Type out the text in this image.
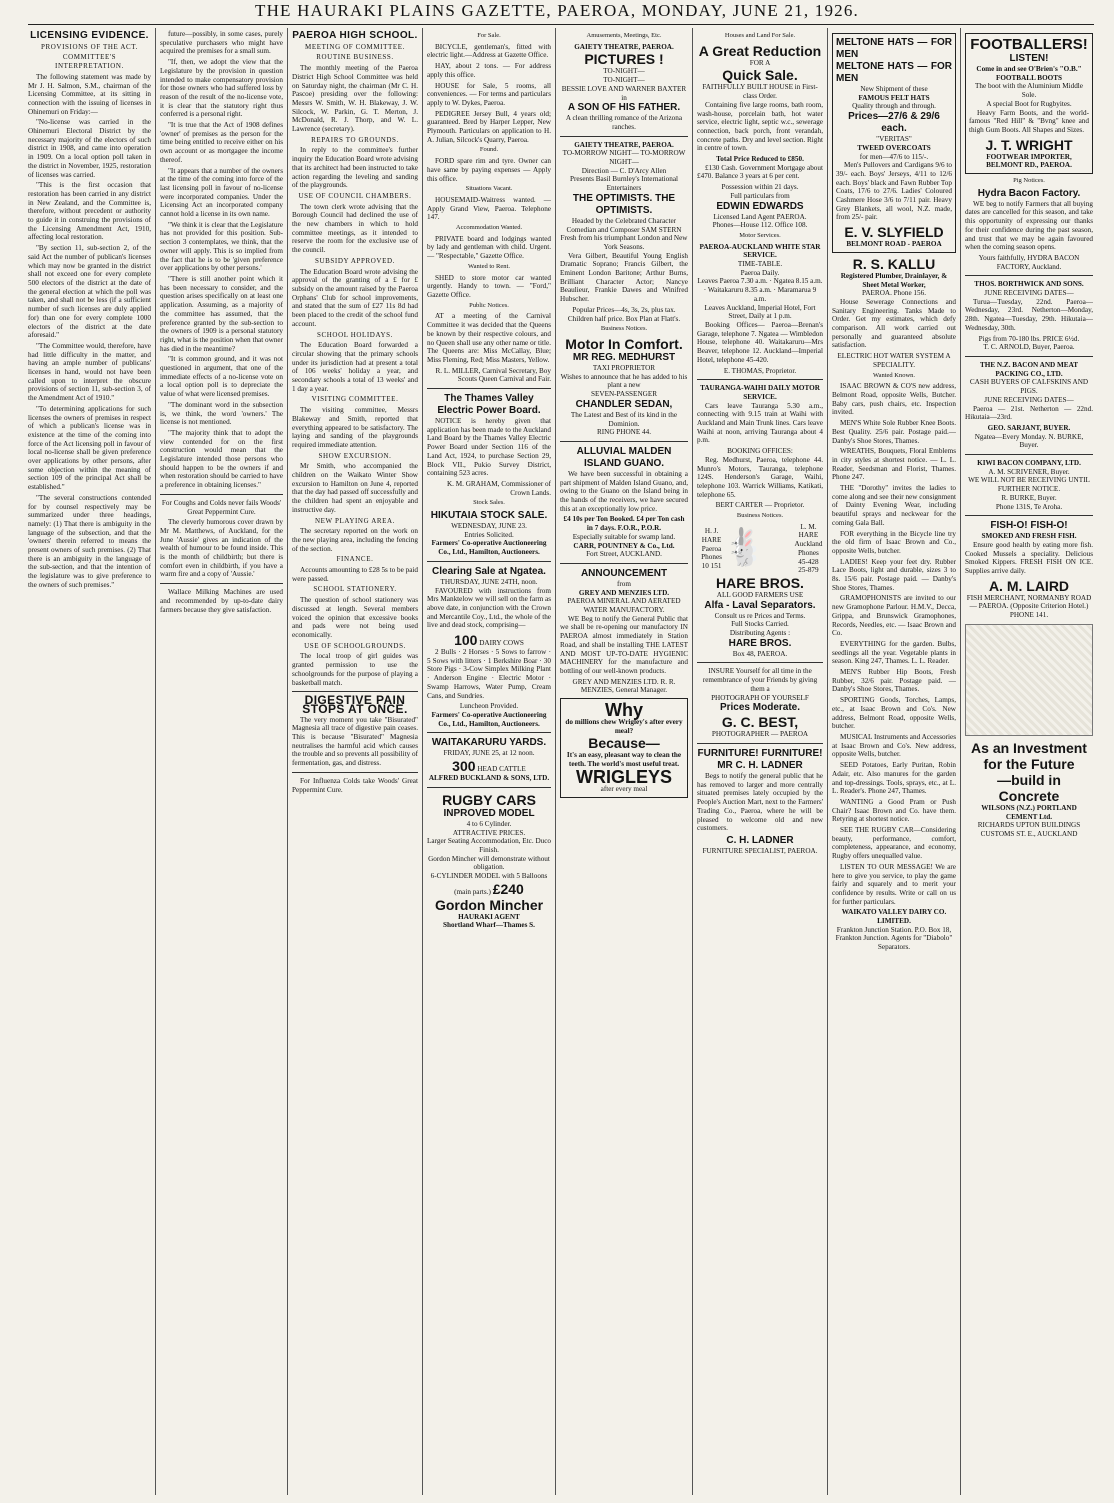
THE HAURAKI PLAINS GAZETTE, PAEROA, MONDAY, JUNE 21, 1926.
LICENSING EVIDENCE.
PROVISIONS OF THE ACT.
COMMITTEE'S INTERPRETATION.

The following statement was made by Mr J. H. Salmon, S.M., chairman of the Licensing Committee, at its sitting in connection with the issuing of licenses in Ohinemuri on Friday:—

"No-license was carried in the Ohinemuri Electoral District by the necessary majority of the electors of such district in 1908, and came into operation in 1909. On a local option poll taken in the district in November, 1925, restoration of licenses was carried.

"This is the first occasion that restoration has been carried in any district in New Zealand, and the Committee is, therefore, without precedent or authority to guide it in construing the provisions of the Licensing Amendment Act, 1910, affecting local restoration.

"By section 11, sub-section 2, of the said Act the number of publican's licenses which may now be granted in the district shall not exceed one for every complete 500 electors of the district at the date of the general election at which the poll was taken, and shall not be less (if a sufficient number of such licenses are duly applied for) than one for every complete 1000 electors of the district at the date aforesaid."

"The Committee would, therefore, have had little difficulty in the matter, and having an ample number of publicans' licenses in hand, would not have been called upon to interpret the obscure provisions of section 11, sub-section 3, of the Amendment Act of 1910."

"To determining applications for such licenses the owners of premises in respect of which a publican's license was in existence at the time of the coming into force of the Act licensing poll in favour of local no-license shall be given preference over applications by other persons, after some objection within the meaning of section 109 of the principal Act shall be established."

"The several constructions contended for by counsel respectively may be summarized under three headings, namely: (1) That there is ambiguity in the language of the subsection, and that the 'owners' therein referred to means the present owners of such premises. (2) That there is an ambiguity in the language of the sub-section, and that the intention of the legislature was to give preference to the owners of such premises."

future—possibly, in some cases, purely speculative purchasers who might have acquired the premises for a small sum.

"If, then, we adopt the view that the Legislature by the provision in question intended to make compensatory provision for those owners who had suffered loss by reason of the result of the no-license vote, it is clear that the statutory right thus conferred is a personal right.

"It is true that the Act of 1908 defines 'owner' of premises as the person for the time being entitled to receive either on his own account or as mortgagee the income thereof.

"It appears that a number of the owners at the time of the coming into force of the last licensing poll in favour of no-license were incorporated companies. Under the Licensing Act an incorporated company cannot hold a license in its own name.

"We think it is clear that the Legislature has not provided for this position. Sub-section 3 contemplates, we think, that the owner will apply. This is so implied from the fact that he is to be 'given preference over applications by other persons.'

"There is still another point which it has been necessary to consider, and the question arises specifically on at least one application. Assuming, as a majority of the committee has assumed, that the preference granted by the sub-section to the owners of 1909 is a personal statutory right, what is the position when that owner has died in the meantime?

"It is common ground, and it was not questioned in argument, that one of the immediate effects of a no-license vote on a local option poll is to depreciate the value of what were licensed premises.

"The dominant word in the subsection is, we think, the word 'owners.' The license is not mentioned.

"The majority think that to adopt the view contended for on the first construction would mean that the Legislature intended those persons who should happen to be the owners if and when restoration should be carried to have a preference in obtaining licenses."

For Coughs and Colds never fails Woods' Great Peppermint Cure.

The cleverly humorous cover drawn by Mr M. Matthews, of Auckland, for the June 'Aussie' gives an indication of the wealth of humour to be found inside. This is the month of childbirth; but there is comfort even in childbirth, if you have a warm fire and a copy of 'Aussie.'

Wallace Milking Machines are used and recommended by up-to-date dairy farmers because they give satisfaction.

PAEROA HIGH SCHOOL.
MEETING OF COMMITTEE.
ROUTINE BUSINESS.

The monthly meeting of the Paeroa District High School Committee was held on Saturday night, the chairman (Mr C. H. Pascoe) presiding over the following: Messrs W. Smith, W. H. Blakeway, J. W. Silcock, W. Parkin, G. T. Merton, J. McDonald, R. J. Thorp, and W. L. Lawrence (secretary).

REPAIRS TO GROUNDS.

In reply to the committee's further inquiry the Education Board wrote advising that its architect had been instructed to take action regarding the leveling and sanding of the playgrounds.

USE OF COUNCIL CHAMBERS.

The town clerk wrote advising that the Borough Council had declined the use of the new chambers in which to hold committee meetings, as it intended to reserve the room for the exclusive use of the council.

SUBSIDY APPROVED.

The Education Board wrote advising the approval of the granting of a £ for £ subsidy on the amount raised by the Paeroa Orphans' Club for school improvements, and stated that the sum of £27 11s 8d had been placed to the credit of the school fund account.

SCHOOL HOLIDAYS.

The Education Board forwarded a circular showing that the primary schools under its jurisdiction had at present a total of 106 weeks' holiday a year, and secondary schools a total of 13 weeks' and 1 day a year.

VISITING COMMITTEE.

The visiting committee, Messrs Blakeway and Smith, reported that everything appeared to be satisfactory. The laying and sanding of the playgrounds required immediate attention.

SHOW EXCURSION.

Mr Smith, who accompanied the children on the Waikato Winter Show excursion to Hamilton on June 4, reported that the day had passed off successfully and the children had spent an enjoyable and instructive day.

NEW PLAYING AREA.

The secretary reported on the work on the new playing area, including the fencing of the section.

FINANCE.

Accounts amounting to £28 5s to be paid were passed.

SCHOOL STATIONERY.

The question of school stationery was discussed at length. Several members voiced the opinion that excessive books and pads were not being used economically.

USE OF SCHOOLGROUNDS.

The local troop of girl guides was granted permission to use the schoolgrounds for the purpose of playing a basketball match.

DIGESTIVE PAIN STOPS AT ONCE.

The very moment you take "Bisurated" Magnesia all trace of digestive pain ceases. This is because "Bisurated" Magnesia neutralises the harmful acid which causes the trouble and so prevents all possibility of fermentation, gas, and distress.

For Influenza Colds take Woods' Great Peppermint Cure.

For Sale.

BICYCLE, gentleman's, fitted with electric light.—Address at Gazette Office.

HAY, about 2 tons. — For address apply this office.

HOUSE for Sale, 5 rooms, all conveniences. — For terms and particulars apply to W. Dykes, Paeroa.

PEDIGREE Jersey Bull, 4 years old; guaranteed. Bred by Harper Lepper, New Plymouth. Particulars on application to H. A. Julian, Silcock's Quarry, Paeroa.

Found.

FORD spare rim and tyre. Owner can have same by paying expenses — Apply this office.

Situations Vacant.

HOUSEMAID-Waitress wanted. —Apply Grand View, Paeroa. Telephone 147.

Accommodation Wanted.

PRIVATE board and lodgings wanted by lady and gentleman with child. Urgent. — "Respectable," Gazette Office.

Wanted to Rent.

SHED to store motor car wanted urgently. Handy to town. — "Ford," Gazette Office.

Public Notices.

AT a meeting of the Carnival Committee it was decided that the Queens be known by their respective colours, and no Queen shall use any other name or title. The Queens are: Miss McCallay, Blue; Miss Fleming, Red; Miss Masters, Yellow.

R. L. MILLER, Carnival Secretary, Boy Scouts Queen Carnival and Fair.

The Thames Valley Electric Power Board.

NOTICE is hereby given that application has been made to the Auckland Land Board by the Thames Valley Electric Power Board under Section 116 of the Land Act, 1924, to purchase Section 29, Block VII., Pukio Survey District, containing 523 acres.

K. M. GRAHAM, Commissioner of Crown Lands.

Stock Sales.
HIKUTAIA STOCK SALE.
WEDNESDAY, JUNE 23.
Entries Solicited.
Farmers' Co-operative Auctioneering Co., Ltd., Hamilton, Auctioneers.
Clearing Sale at Ngatea.
THURSDAY, JUNE 24TH, noon.

FAVOURED with instructions from Mrs Manktelow we will sell on the farm as above date, in conjunction with the Crown and Mercantile Coy., Ltd., the whole of the live and dead stock, comprising—

100 DAIRY COWS

2 Bulls · 2 Horses · 5 Sows to farrow · 5 Sows with litters · 1 Berkshire Boar · 30 Store Pigs · 3-Cow Simplex Milking Plant · Anderson Engine · Electric Motor · Swamp Harrows, Water Pump, Cream Cans, and Sundries.

Luncheon Provided.
Farmers' Co-operative Auctioneering Co., Ltd., Hamilton, Auctioneers.
WAITAKARURU YARDS.
FRIDAY, JUNE 25, at 12 noon.
300 HEAD CATTLE
ALFRED BUCKLAND & SONS, LTD.
RUGBY CARS
INPROVED MODEL
4 to 6 Cylinder.
ATTRACTIVE PRICES.
Larger Seating Accommodation, Etc. Duco Finish.
Gordon Mincher will demonstrate without obligation.
6-CYLINDER MODEL with 5 Balloons (main parts.) £240
Gordon Mincher
HAURAKI AGENT
Shortland Wharf—Thames S.
Amusements, Meetings, Etc.
GAIETY THEATRE, PAEROA.
PICTURES !
TO-NIGHT—
TO-NIGHT—
BESSIE LOVE AND WARNER BAXTER
in
A SON OF HIS FATHER.
A clean thrilling romance of the Arizona ranches.
GAIETY THEATRE, PAEROA.
TO-MORROW NIGHT— TO-MORROW NIGHT—
Direction — C. D'Arcy Allen
Presents Basil Burnley's International Entertainers
THE OPTIMISTS. THE OPTIMISTS.
Headed by the Celebrated Character Comedian and Composer SAM STERN
Fresh from his triumphant London and New York Seasons.

Vera Gilbert, Beautiful Young English Dramatic Soprano; Francis Gilbert, the Eminent London Baritone; Arthur Burns, Brilliant Character Actor; Nancye Beaulieur, Frankie Dawes and Winifred Hubscher.

Popular Prices—4s, 3s, 2s, plus tax. Children half price. Box Plan at Flatt's.
Business Notices.
Motor In Comfort.
MR REG. MEDHURST
TAXI PROPRIETOR
Wishes to announce that he has added to his plant a new
SEVEN-PASSENGER
CHANDLER SEDAN,
The Latest and Best of its kind in the Dominion.
RING PHONE 44.
ALLUVIAL MALDEN ISLAND GUANO.

We have been successful in obtaining a part shipment of Malden Island Guano, and, owing to the Guano on the Island being in the hands of the receivers, we have secured this at an exceptionally low price.

£4 10s per Ton Booked. £4 per Ton cash in 7 days. F.O.R., P.O.R.
Especially suitable for swamp land.
CARR, POUNTNEY & Co., Ltd.
Fort Street, AUCKLAND.
ANNOUNCEMENT
from
GREY AND MENZIES LTD.
PAEROA MINERAL AND AERATED WATER MANUFACTORY.

WE Beg to notify the General Public that we shall be re-opening our manufactory IN PAEROA almost immediately in Station Road, and shall be installing THE LATEST AND MOST UP-TO-DATE HYGIENIC MACHINERY for the manufacture and bottling of our well-known products.

GREY AND MENZIES LTD. R. R. MENZIES, General Manager.
Why
do millions chew Wrigley's after every meal?
Because—
It's an easy, pleasant way to clean the teeth. The world's most useful treat.
WRIGLEYS
after every meal
Houses and Land For Sale.
A Great Reduction
FOR A
Quick Sale.
FAITHFULLY BUILT HOUSE in First-class Order.

Containing five large rooms, bath room, wash-house, porcelain bath, hot water service, electric light, septic w.c., sewerage connection, back porch, front verandah, concrete paths. Dry and level section. Right in centre of town.

Total Price Reduced to £850.

£130 Cash. Government Mortgage about £470. Balance 3 years at 6 per cent.

Possession within 21 days.
Full particulars from
EDWIN EDWARDS
Licensed Land Agent PAEROA.
Phones—House 112. Office 108.
Motor Services.
PAEROA-AUCKLAND WHITE STAR SERVICE.
TIME-TABLE.
Paeroa Daily.
Leaves Paeroa 7.30 a.m. · Ngatea 8.15 a.m. · Waitakaruru 8.35 a.m. · Maramarua 9 a.m.
Leaves Auckland, Imperial Hotel, Fort Street, Daily at 1 p.m.

Booking Offices— Paeroa—Brenan's Garage, telephone 7. Ngatea — Wimbledon House, telephone 40. Waitakaruru—Mrs Beaver, telephone 12. Auckland—Imperial Hotel, telephone 45-420.

E. THOMAS, Proprietor.
TAURANGA-WAIHI DAILY MOTOR SERVICE.

Cars leave Tauranga 5.30 a.m., connecting with 9.15 train at Waihi with Auckland and Main Trunk lines. Cars leave Waihi at noon, arriving Tauranga about 4 p.m.

BOOKING OFFICES:

Reg. Medhurst, Paeroa, telephone 44. Munro's Motors, Tauranga, telephone 124S. Henderson's Garage, Waihi, telephone 103. Warrick Williams, Katikati, telephone 65.

BERT CARTER — Proprietor.
Business Notices.
H. J. HARE Paeroa Phones 10 151
🐇🐇
L. M. HARE Auckland Phones 45-428 25-879
HARE BROS.
ALL GOOD FARMERS USE
Alfa - Laval Separators.
Consult us re Prices and Terms.
Full Stocks Carried.
Distributing Agents :
HARE BROS.
Box 48, PAEROA.
INSURE Yourself for all time in the remembrance of your Friends by giving them a
PHOTOGRAPH OF YOURSELF
Prices Moderate.
G. C. BEST,
PHOTOGRAPHER — PAEROA
FURNITURE! FURNITURE!
MR C. H. LADNER

Begs to notify the general public that he has removed to larger and more centrally situated premises lately occupied by the People's Auction Mart, next to the Farmers' Trading Co., Paeroa, where he will be pleased to welcome old and new customers.

C. H. LADNER
FURNITURE SPECIALIST, PAEROA.
MELTONE HATS — FOR MEN
MELTONE HATS — FOR MEN
New Shipment of these
FAMOUS FELT HATS
Quality through and through.
Prices—27/6 & 29/6 each.
"VERITAS"
TWEED OVERCOATS
for men—47/6 to 115/-.

Men's Pullovers and Cardigans 9/6 to 39/- each. Boys' Jerseys, 4/11 to 12/6 each. Boys' black and Fawn Rubber Top Coats, 17/6 to 27/6. Ladies' Coloured Cashmere Hose 3/6 to 7/11 pair. Heavy Grey Blankets, all wool, N.Z. made, from 25/- pair.

E. V. SLYFIELD
BELMONT ROAD - PAEROA
R. S. KALLU
Registered Plumber, Drainlayer, & Sheet Metal Worker,
PAEROA. Phone 156.

House Sewerage Connections and Sanitary Engineering. Tanks Made to Order. Get my estimates, which defy comparison. All work carried out personally and guaranteed absolute satisfaction.

ELECTRIC HOT WATER SYSTEM A SPECIALITY.
Wanted Known.

ISAAC BROWN & CO'S new address, Belmont Road, opposite Wells, Butcher. Baby cars, push chairs, etc. Inspection invited.

MEN'S White Sole Rubber Knee Boots. Best Quality. 25/6 pair. Postage paid.—Danby's Shoe Stores, Thames.

WREATHS, Bouquets, Floral Emblems in city styles at shortest notice. — L. L. Reader, Seedsman and Florist, Thames. Phone 247.

THE "Dorothy" invites the ladies to come along and see their new consignment of Dainty Evening Wear, including beautiful sprays and neckwear for the coming Gala Ball.

FOR everything in the Bicycle line try the old firm of Isaac Brown and Co., opposite Wells, butcher.

LADIES! Keep your feet dry. Rubber Lace Boots, light and durable, sizes 3 to 8s. 15/6 pair. Postage paid. — Danby's Shoe Stores, Thames.

GRAMOPHONISTS are invited to our new Gramophone Parlour. H.M.V., Decca, Grippa, and Brunswick Gramophones, Records, Needles, etc. — Isaac Brown and Co.

EVERYTHING for the garden. Bulbs, seedlings all the year. Vegetable plants in season. King 247, Thames. L. L. Reader.

MEN'S Rubber Hip Boots, Fresh Rubber, 32/6 pair. Postage paid. — Danby's Shoe Stores, Thames.

SPORTING Goods, Torches, Lamps, etc., at Isaac Brown and Co's. New address, Belmont Road, opposite Wells, butcher.

MUSICAL Instruments and Accessories at Isaac Brown and Co's. New address, opposite Wells, butcher.

SEED Potatoes, Early Puritan, Robin Adair, etc. Also manures for the garden and top-dressings. Tools, sprays, etc., at L. L. Reader's. Phone 247, Thames.

WANTING a Good Pram or Push Chair? Isaac Brown and Co. have them. Retyring at shortest notice.

SEE THE RUGBY CAR—Considering beauty, performance, comfort, completeness, appearance, and economy, Rugby offers unequalled value.

LISTEN TO OUR MESSAGE! We are here to give you service, to play the game fairly and squarely and to merit your confidence by results. Write or call on us for further particulars.

WAIKATO VALLEY DAIRY CO. LIMITED.
Frankton Junction Station. P.O. Box 18, Frankton Junction. Agents for "Diabolo" Separators.
FOOTBALLERS!
LISTEN!
Come in and see O'Brien's "O.B." FOOTBALL BOOTS
The boot with the Aluminium Middle Sole.
A special Boot for Rugbyites.

Heavy Farm Boots, and the world-famous "Red Hill" & "Bvng" knee and thigh Gum Boots. All Shapes and Sizes.

J. T. WRIGHT
FOOTWEAR IMPORTER, BELMONT RD., PAEROA.
Pig Notices.
Hydra Bacon Factory.

WE beg to notify Farmers that all buying dates are cancelled for this season, and take this opportunity of expressing our thanks for their confidence during the past season, and trust that we may be again favoured when the coming season opens.

Yours faithfully, HYDRA BACON FACTORY, Auckland.
THOS. BORTHWICK AND SONS.
JUNE RECEIVING DATES—

Turua—Tuesday, 22nd. Paeroa—Wednesday, 23rd. Netherton—Monday, 28th. Ngatea—Tuesday, 29th. Hikutaia—Wednesday, 30th.

Pigs from 70-180 lbs. PRICE 6½d.
T. C. ARNOLD, Buyer, Paeroa.
THE N.Z. BACON AND MEAT PACKING CO., LTD.
CASH BUYERS OF CALFSKINS AND PIGS.
JUNE RECEIVING DATES—

Paeroa — 21st. Netherton — 22nd. Hikutaia—23rd.

GEO. SARJANT, BUYER.
Ngatea—Every Monday. N. BURKE, Buyer.
KIWI BACON COMPANY, LTD.
A. M. SCRIVENER, Buyer.
WE WILL NOT BE RECEIVING UNTIL FURTHER NOTICE.
R. BURKE, Buyer.
Phone 131S, Te Aroha.
FISH-O! FISH-O!
SMOKED AND FRESH FISH.

Ensure good health by eating more fish. Cooked Mussels a speciality. Delicious Smoked Kippers. FRESH FISH ON ICE. Supplies arrive daily.

A. M. LAIRD
FISH MERCHANT, NORMANBY ROAD — PAEROA. (Opposite Criterion Hotel.) PHONE 141.
As an Investment for the Future
—build in Concrete
WILSONS (N.Z.) PORTLAND CEMENT Ltd.
RICHARDS UPTON BUILDINGS CUSTOMS ST. E., AUCKLAND
